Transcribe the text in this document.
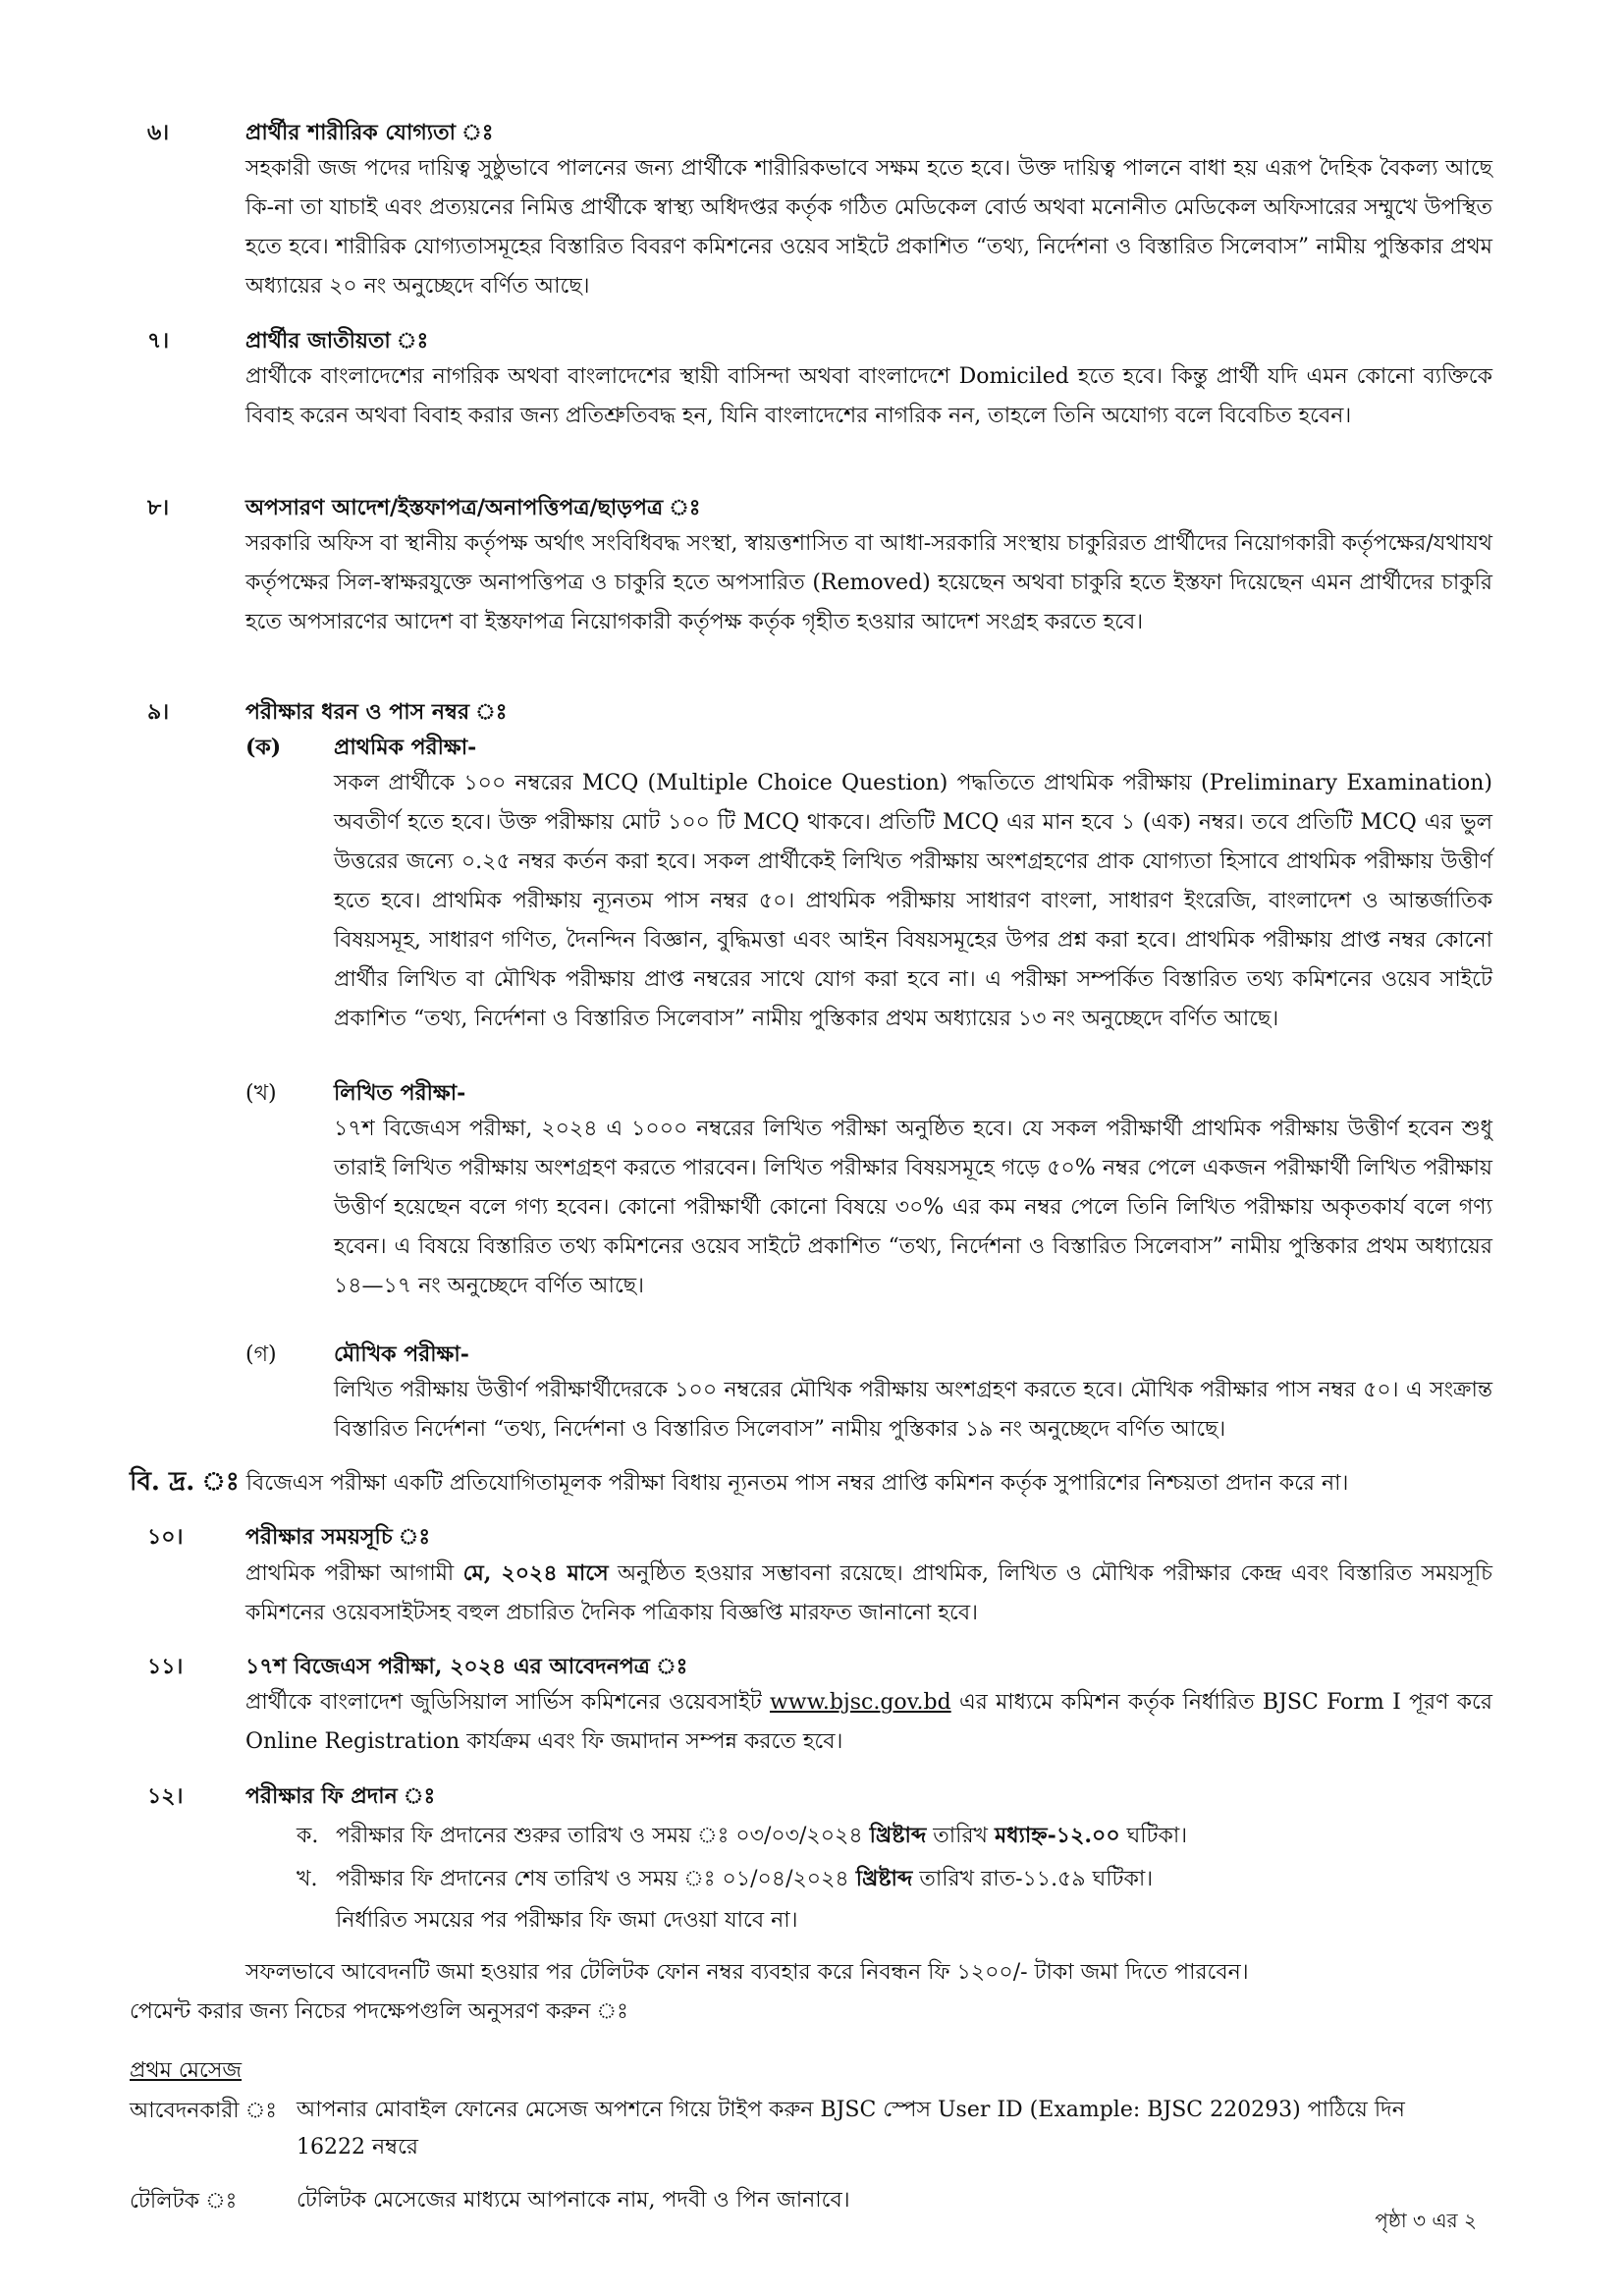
৬।	প্রার্থীর শারীরিক যোগ্যতা ঃ
সহকারী জজ পদের দায়িত্ব সুষ্ঠুভাবে পালনের জন্য প্রার্থীকে শারীরিকভাবে সক্ষম হতে হবে। উক্ত দায়িত্ব পালনে বাধা হয় এরূপ দৈহিক বৈকল্য আছে কি-না তা যাচাই এবং প্রত্যয়নের নিমিত্ত প্রার্থীকে স্বাস্থ্য অধিদপ্তর কর্তৃক গঠিত মেডিকেল বোর্ড অথবা মনোনীত মেডিকেল অফিসারের সম্মুখে উপস্থিত হতে হবে। শারীরিক যোগ্যতাসমূহের বিস্তারিত বিবরণ কমিশনের ওয়েব সাইটে প্রকাশিত “তথ্য, নির্দেশনা ও বিস্তারিত সিলেবাস” নামীয় পুস্তিকার প্রথম অধ্যায়ের ২০ নং অনুচ্ছেদে বর্ণিত আছে।
৭।	প্রার্থীর জাতীয়তা ঃ
প্রার্থীকে বাংলাদেশের নাগরিক অথবা বাংলাদেশের স্থায়ী বাসিন্দা অথবা বাংলাদেশে Domiciled হতে হবে। কিন্তু প্রার্থী যদি এমন কোনো ব্যক্তিকে বিবাহ করেন অথবা বিবাহ করার জন্য প্রতিশ্রুতিবদ্ধ হন, যিনি বাংলাদেশের নাগরিক নন, তাহলে তিনি অযোগ্য বলে বিবেচিত হবেন।
৮।	অপসারণ আদেশ/ইস্তফাপত্র/অনাপত্তিপত্র/ছাড়পত্র ঃ
সরকারি অফিস বা স্থানীয় কর্তৃপক্ষ অর্থাৎ সংবিধিবদ্ধ সংস্থা, স্বায়ত্তশাসিত বা আধা-সরকারি সংস্থায় চাকুরিরত প্রার্থীদের নিয়োগকারী কর্তৃপক্ষের/যথাযথ কর্তৃপক্ষের সিল-স্বাক্ষরযুক্তে অনাপত্তিপত্র ও চাকুরি হতে অপসারিত (Removed) হয়েছেন অথবা চাকুরি হতে ইস্তফা দিয়েছেন এমন প্রার্থীদের চাকুরি হতে অপসারণের আদেশ বা ইস্তফাপত্র নিয়োগকারী কর্তৃপক্ষ কর্তৃক গৃহীত হওয়ার আদেশ সংগ্রহ করতে হবে।
৯।	পরীক্ষার ধরন ও পাস নম্বর ঃ
(ক) প্রাথমিক পরীক্ষা-
সকল প্রার্থীকে ১০০ নম্বরের MCQ (Multiple Choice Question) পদ্ধতিতে প্রাথমিক পরীক্ষায় (Preliminary Examination) অবতীর্ণ হতে হবে। উক্ত পরীক্ষায় মোট ১০০ টি MCQ থাকবে। প্রতিটি MCQ এর মান হবে ১ (এক) নম্বর। তবে প্রতিটি MCQ এর ভুল উত্তরের জন্যে ০.২৫ নম্বর কর্তন করা হবে। সকল প্রার্থীকেই লিখিত পরীক্ষায় অংশগ্রহণের প্রাক যোগ্যতা হিসাবে প্রাথমিক পরীক্ষায় উত্তীর্ণ হতে হবে। প্রাথমিক পরীক্ষায় ন্যূনতম পাস নম্বর ৫০। প্রাথমিক পরীক্ষায় সাধারণ বাংলা, সাধারণ ইংরেজি, বাংলাদেশ ও আন্তর্জাতিক বিষয়সমূহ, সাধারণ গণিত, দৈনন্দিন বিজ্ঞান, বুদ্ধিমত্তা এবং আইন বিষয়সমূহের উপর প্রশ্ন করা হবে। প্রাথমিক পরীক্ষায় প্রাপ্ত নম্বর কোনো প্রার্থীর লিখিত বা মৌখিক পরীক্ষায় প্রাপ্ত নম্বরের সাথে যোগ করা হবে না। এ পরীক্ষা সম্পর্কিত বিস্তারিত তথ্য কমিশনের ওয়েব সাইটে প্রকাশিত “তথ্য, নির্দেশনা ও বিস্তারিত সিলেবাস” নামীয় পুস্তিকার প্রথম অধ্যায়ের ১৩ নং অনুচ্ছেদে বর্ণিত আছে।
(খ)	লিখিত পরীক্ষা-
১৭শ বিজেএস পরীক্ষা, ২০২৪ এ ১০০০ নম্বরের লিখিত পরীক্ষা অনুষ্ঠিত হবে। যে সকল পরীক্ষার্থী প্রাথমিক পরীক্ষায় উত্তীর্ণ হবেন শুধু তারাই লিখিত পরীক্ষায় অংশগ্রহণ করতে পারবেন। লিখিত পরীক্ষার বিষয়সমূহে গড়ে ৫০% নম্বর পেলে একজন পরীক্ষার্থী লিখিত পরীক্ষায় উত্তীর্ণ হয়েছেন বলে গণ্য হবেন। কোনো পরীক্ষার্থী কোনো বিষয়ে ৩০% এর কম নম্বর পেলে তিনি লিখিত পরীক্ষায় অকৃতকার্য বলে গণ্য হবেন। এ বিষয়ে বিস্তারিত তথ্য কমিশনের ওয়েব সাইটে প্রকাশিত “তথ্য, নির্দেশনা ও বিস্তারিত সিলেবাস” নামীয় পুস্তিকার প্রথম অধ্যায়ের ১৪—১৭ নং অনুচ্ছেদে বর্ণিত আছে।
(গ)	মৌখিক পরীক্ষা-
লিখিত পরীক্ষায় উত্তীর্ণ পরীক্ষার্থীদেরকে ১০০ নম্বরের মৌখিক পরীক্ষায় অংশগ্রহণ করতে হবে। মৌখিক পরীক্ষার পাস নম্বর ৫০। এ সংক্রান্ত বিস্তারিত নির্দেশনা “তথ্য, নির্দেশনা ও বিস্তারিত সিলেবাস” নামীয় পুস্তিকার ১৯ নং অনুচ্ছেদে বর্ণিত আছে।
বি. দ্র. ঃ বিজেএস পরীক্ষা একটি প্রতিযোগিতামূলক পরীক্ষা বিধায় ন্যূনতম পাস নম্বর প্রাপ্তি কমিশন কর্তৃক সুপারিশের নিশ্চয়তা প্রদান করে না।
১০।	পরীক্ষার সময়সূচি ঃ
প্রাথমিক পরীক্ষা আগামী মে, ২০২৪ মাসে অনুষ্ঠিত হওয়ার সম্ভাবনা রয়েছে। প্রাথমিক, লিখিত ও মৌখিক পরীক্ষার কেন্দ্র এবং বিস্তারিত সময়সূচি কমিশনের ওয়েবসাইটসহ বহুল প্রচারিত দৈনিক পত্রিকায় বিজ্ঞপ্তি মারফত জানানো হবে।
১১।	১৭শ বিজেএস পরীক্ষা, ২০২৪ এর আবেদনপত্র ঃ
প্রার্থীকে বাংলাদেশ জুডিসিয়াল সার্ভিস কমিশনের ওয়েবসাইট www.bjsc.gov.bd এর মাধ্যমে কমিশন কর্তৃক নির্ধারিত BJSC Form I পূরণ করে Online Registration কার্যক্রম এবং ফি জমাদান সম্পন্ন করতে হবে।
১২।	পরীক্ষার ফি প্রদান ঃ
ক. পরীক্ষার ফি প্রদানের শুরুর তারিখ ও সময় ঃ ০৩/০৩/২০২৪ খ্রিষ্টাব্দ তারিখ মধ্যাহ্ন-১২.০০ ঘটিকা।
খ. পরীক্ষার ফি প্রদানের শেষ তারিখ ও সময় ঃ ০১/০৪/২০২৪ খ্রিষ্টাব্দ তারিখ রাত-১১.৫৯ ঘটিকা।
নির্ধারিত সময়ের পর পরীক্ষার ফি জমা দেওয়া যাবে না।
সফলভাবে আবেদনটি জমা হওয়ার পর টেলিটক ফোন নম্বর ব্যবহার করে নিবন্ধন ফি ১২০০/- টাকা জমা দিতে পারবেন।
পেমেন্ট করার জন্য নিচের পদক্ষেপগুলি অনুসরণ করুন ঃ
প্রথম মেসেজ
আবেদনকারী ঃ আপনার মোবাইল ফোনের মেসেজ অপশনে গিয়ে টাইপ করুন BJSC স্পেস User ID (Example: BJSC 220293) পাঠিয়ে দিন 16222 নম্বরে
টেলিটক ঃ	টেলিটক মেসেজের মাধ্যমে আপনাকে নাম, পদবী ও পিন জানাবে।
পৃষ্ঠা ৩ এর ২
